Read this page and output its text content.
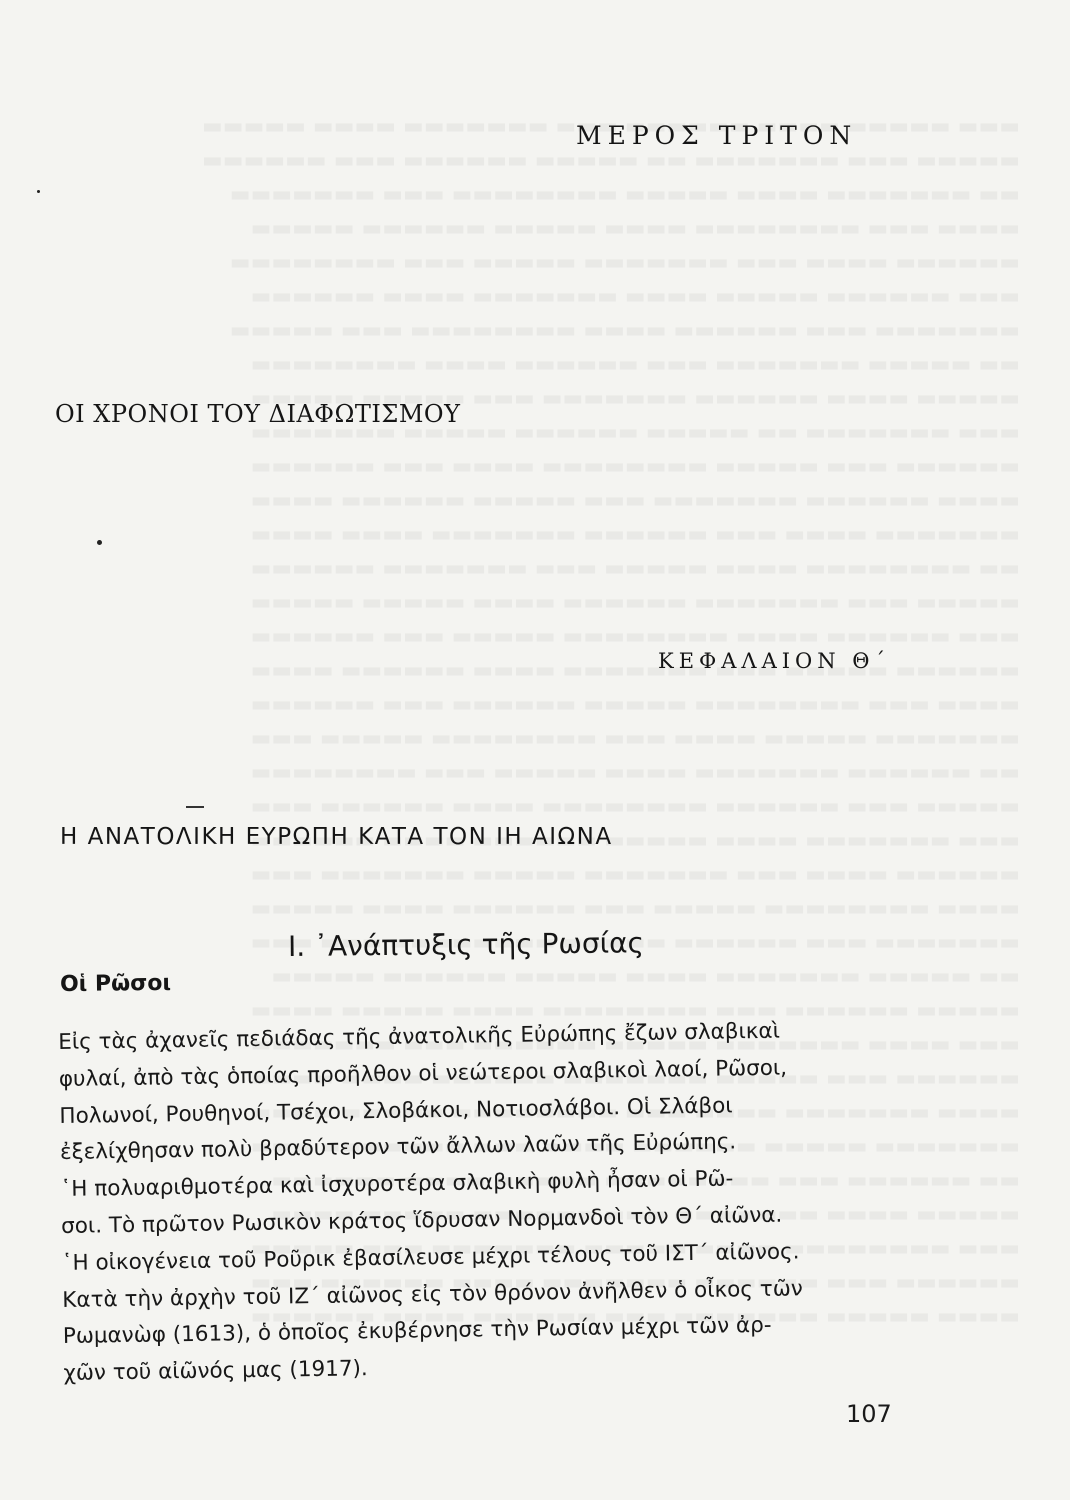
ΜΕΡΟΣ ΤΡΙΤΟΝ
ΟΙ ΧΡΟΝΟΙ ΤΟΥ ΔΙΑΦΩΤΙΣΜΟΥ
ΚΕΦΑΛΑΙΟΝ Θ΄
Η ΑΝΑΤΟΛΙΚΗ ΕΥΡΩΠΗ ΚΑΤΑ ΤΟΝ ΙΗ ΑΙΩΝΑ
Ι. ᾿Ανάπτυξις τῆς Ρωσίας
Οἱ Ρῶσοι
Εἰς τὰς ἀχανεῖς πεδιάδας τῆς ἀνατολικῆς Εὐρώπης ἔζων σλαβικαὶ
φυλαί, ἀπὸ τὰς ὁποίας προῆλθον οἱ νεώτεροι σλαβικοὶ λαοί, Ρῶσοι,
Πολωνοί, Ρουθηνοί, Τσέχοι, Σλοβάκοι, Νοτιοσλάβοι. Οἱ Σλάβοι
ἐξελίχθησαν πολὺ βραδύτερον τῶν ἄλλων λαῶν τῆς Εὐρώπης.
῾Η πολυαριθμοτέρα καὶ ἰσχυροτέρα σλαβικὴ φυλὴ ἦσαν οἱ Ρῶ-
σοι. Τὸ πρῶτον Ρωσικὸν κράτος ἵδρυσαν Νορμανδοὶ τὸν Θ΄ αἰῶνα.
῾Η οἰκογένεια τοῦ Ροῦρικ ἐβασίλευσε μέχρι τέλους τοῦ ΙΣΤ΄ αἰῶνος.
Κατὰ τὴν ἀρχὴν τοῦ ΙΖ΄ αἰῶνος εἰς τὸν θρόνον ἀνῆλθεν ὁ οἶκος τῶν
Ρωμανὼφ (1613), ὁ ὁποῖος ἐκυβέρνησε τὴν Ρωσίαν μέχρι τῶν ἀρ-
χῶν τοῦ αἰῶνός μας (1917).
107
